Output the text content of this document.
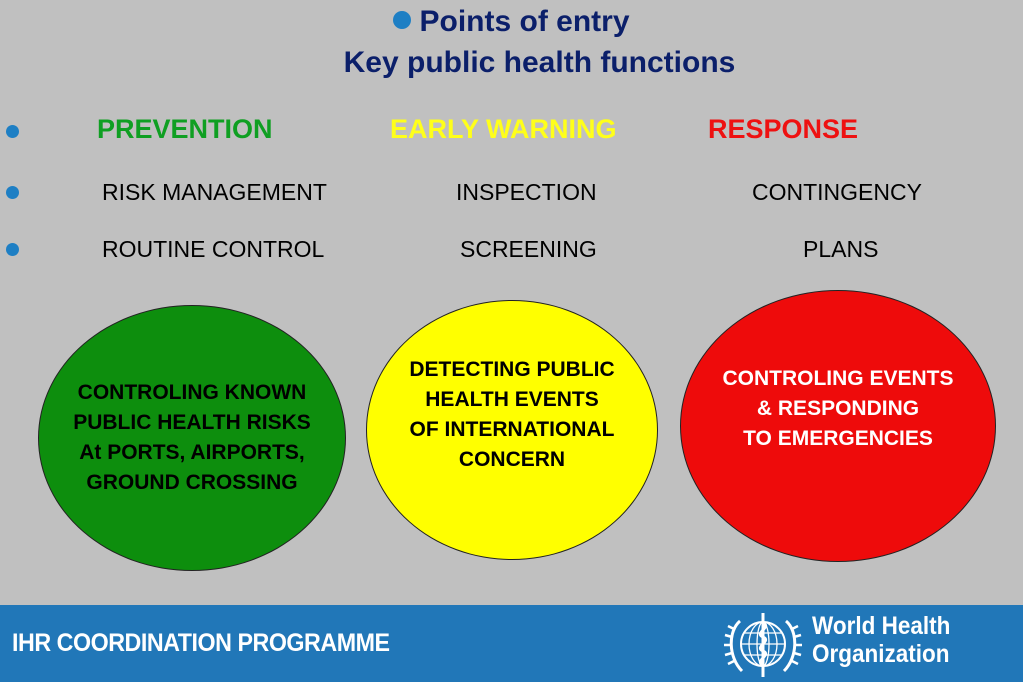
Points of entry
Key public health functions
PREVENTION	EARLY WARNING	RESPONSE
RISK MANAGEMENT	INSPECTION	CONTINGENCY
ROUTINE CONTROL	SCREENING	PLANS
CONTROLING KNOWN
PUBLIC HEALTH RISKS
At PORTS, AIRPORTS,
GROUND CROSSING
DETECTING PUBLIC
HEALTH EVENTS
OF INTERNATIONAL
CONCERN
CONTROLING EVENTS
& RESPONDING
TO EMERGENCIES
IHR COORDINATION PROGRAMME
World Health
Organization
